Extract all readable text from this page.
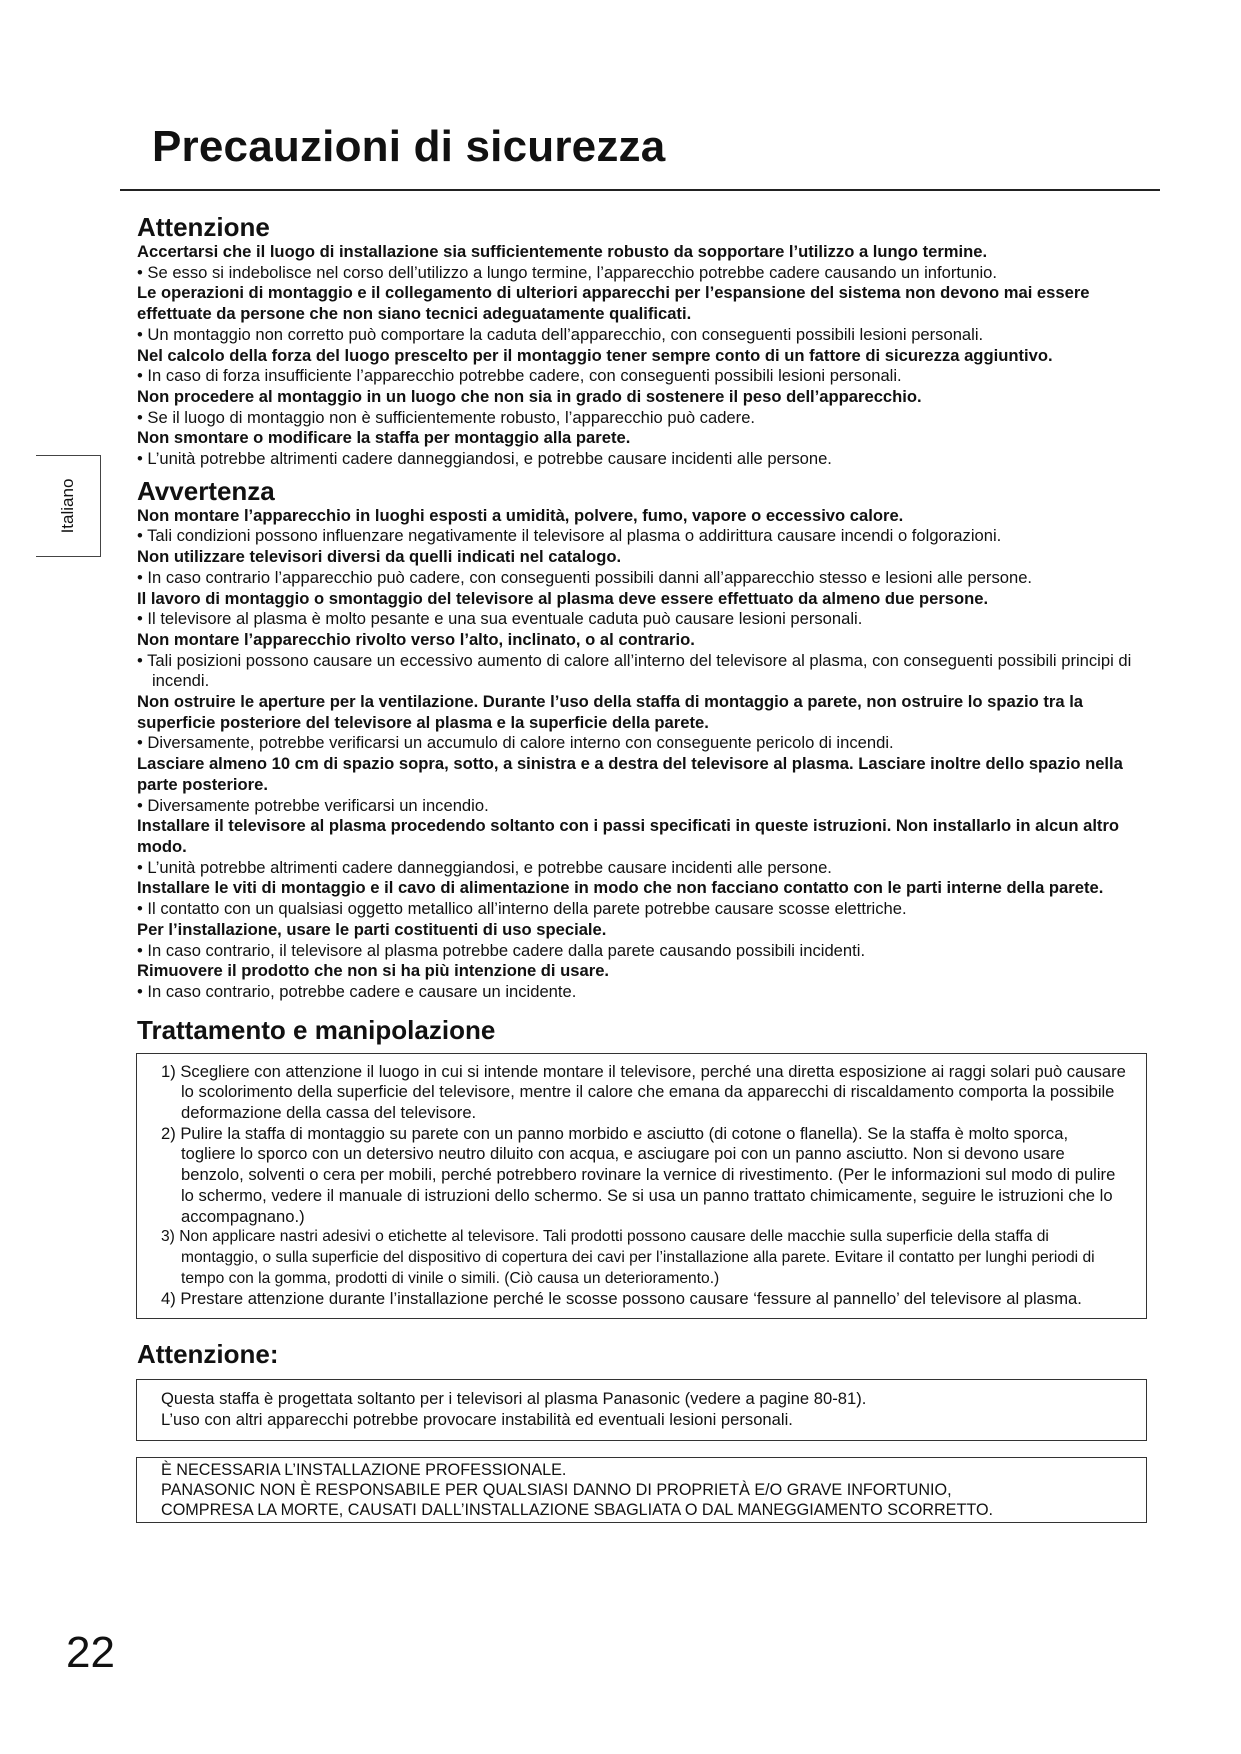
Precauzioni di sicurezza
Italiano
Attenzione
Accertarsi che il luogo di installazione sia sufficientemente robusto da sopportare l’utilizzo a lungo termine.
• Se esso si indebolisce nel corso dell’utilizzo a lungo termine, l’apparecchio potrebbe cadere causando un infortunio.
Le operazioni di montaggio e il collegamento di ulteriori apparecchi per l’espansione del sistema non devono mai essere effettuate da persone che non siano tecnici adeguatamente qualificati.
• Un montaggio non corretto può comportare la caduta dell’apparecchio, con conseguenti possibili lesioni personali.
Nel calcolo della forza del luogo prescelto per il montaggio tener sempre conto di un fattore di sicurezza aggiuntivo.
• In caso di forza insufficiente l’apparecchio potrebbe cadere, con conseguenti possibili lesioni personali.
Non procedere al montaggio in un luogo che non sia in grado di sostenere il peso dell’apparecchio.
• Se il luogo di montaggio non è sufficientemente robusto, l’apparecchio può cadere.
Non smontare o modificare la staffa per montaggio alla parete.
• L’unità potrebbe altrimenti cadere danneggiandosi, e potrebbe causare incidenti alle persone.
Avvertenza
Non montare l’apparecchio in luoghi esposti a umidità, polvere, fumo, vapore o eccessivo calore.
• Tali condizioni possono influenzare negativamente il televisore al plasma o addirittura causare incendi o folgorazioni.
Non utilizzare televisori diversi da quelli indicati nel catalogo.
• In caso contrario l’apparecchio può cadere, con conseguenti possibili danni all’apparecchio stesso e lesioni alle persone.
Il lavoro di montaggio o smontaggio del televisore al plasma deve essere effettuato da almeno due persone.
• Il televisore al plasma è molto pesante e una sua eventuale caduta può causare lesioni personali.
Non montare l’apparecchio rivolto verso l’alto, inclinato, o al contrario.
• Tali posizioni possono causare un eccessivo aumento di calore all’interno del televisore al plasma, con conseguenti possibili principi di incendi.
Non ostruire le aperture per la ventilazione. Durante l’uso della staffa di montaggio a parete, non ostruire lo spazio tra la superficie posteriore del televisore al plasma e la superficie della parete.
• Diversamente, potrebbe verificarsi un accumulo di calore interno con conseguente pericolo di incendi.
Lasciare almeno 10 cm di spazio sopra, sotto, a sinistra e a destra del televisore al plasma. Lasciare inoltre dello spazio nella parte posteriore.
• Diversamente potrebbe verificarsi un incendio.
Installare il televisore al plasma procedendo soltanto con i passi specificati in queste istruzioni. Non installarlo in alcun altro modo.
• L’unità potrebbe altrimenti cadere danneggiandosi, e potrebbe causare incidenti alle persone.
Installare le viti di montaggio e il cavo di alimentazione in modo che non facciano contatto con le parti interne della parete.
• Il contatto con un qualsiasi oggetto metallico all’interno della parete potrebbe causare scosse elettriche.
Per l’installazione, usare le parti costituenti di uso speciale.
• In caso contrario, il televisore al plasma potrebbe cadere dalla parete causando possibili incidenti.
Rimuovere il prodotto che non si ha più intenzione di usare.
• In caso contrario, potrebbe cadere e causare un incidente.
Trattamento e manipolazione
1) Scegliere con attenzione il luogo in cui si intende montare il televisore, perché una diretta esposizione ai raggi solari può causare lo scolorimento della superficie del televisore, mentre il calore che emana da apparecchi di riscaldamento comporta la possibile deformazione della cassa del televisore.
2) Pulire la staffa di montaggio su parete con un panno morbido e asciutto (di cotone o flanella). Se la staffa è molto sporca, togliere lo sporco con un detersivo neutro diluito con acqua, e asciugare poi con un panno asciutto. Non si devono usare benzolo, solventi o cera per mobili, perché potrebbero rovinare la vernice di rivestimento. (Per le informazioni sul modo di pulire lo schermo, vedere il manuale di istruzioni dello schermo. Se si usa un panno trattato chimicamente, seguire le istruzioni che lo accompagnano.)
3) Non applicare nastri adesivi o etichette al televisore. Tali prodotti possono causare delle macchie sulla superficie della staffa di montaggio, o sulla superficie del dispositivo di copertura dei cavi per l’installazione alla parete. Evitare il contatto per lunghi periodi di tempo con la gomma, prodotti di vinile o simili. (Ciò causa un deterioramento.)
4) Prestare attenzione durante l’installazione perché le scosse possono causare ‘fessure al pannello’ del televisore al plasma.
Attenzione:
Questa staffa è progettata soltanto per i televisori al plasma Panasonic (vedere a pagine 80-81).
L’uso con altri apparecchi potrebbe provocare instabilità ed eventuali lesioni personali.
È NECESSARIA L’INSTALLAZIONE PROFESSIONALE.
PANASONIC NON È RESPONSABILE PER QUALSIASI DANNO DI PROPRIETÀ E/O GRAVE INFORTUNIO,
COMPRESA LA MORTE, CAUSATI DALL’INSTALLAZIONE SBAGLIATA O DAL MANEGGIAMENTO SCORRETTO.
22
